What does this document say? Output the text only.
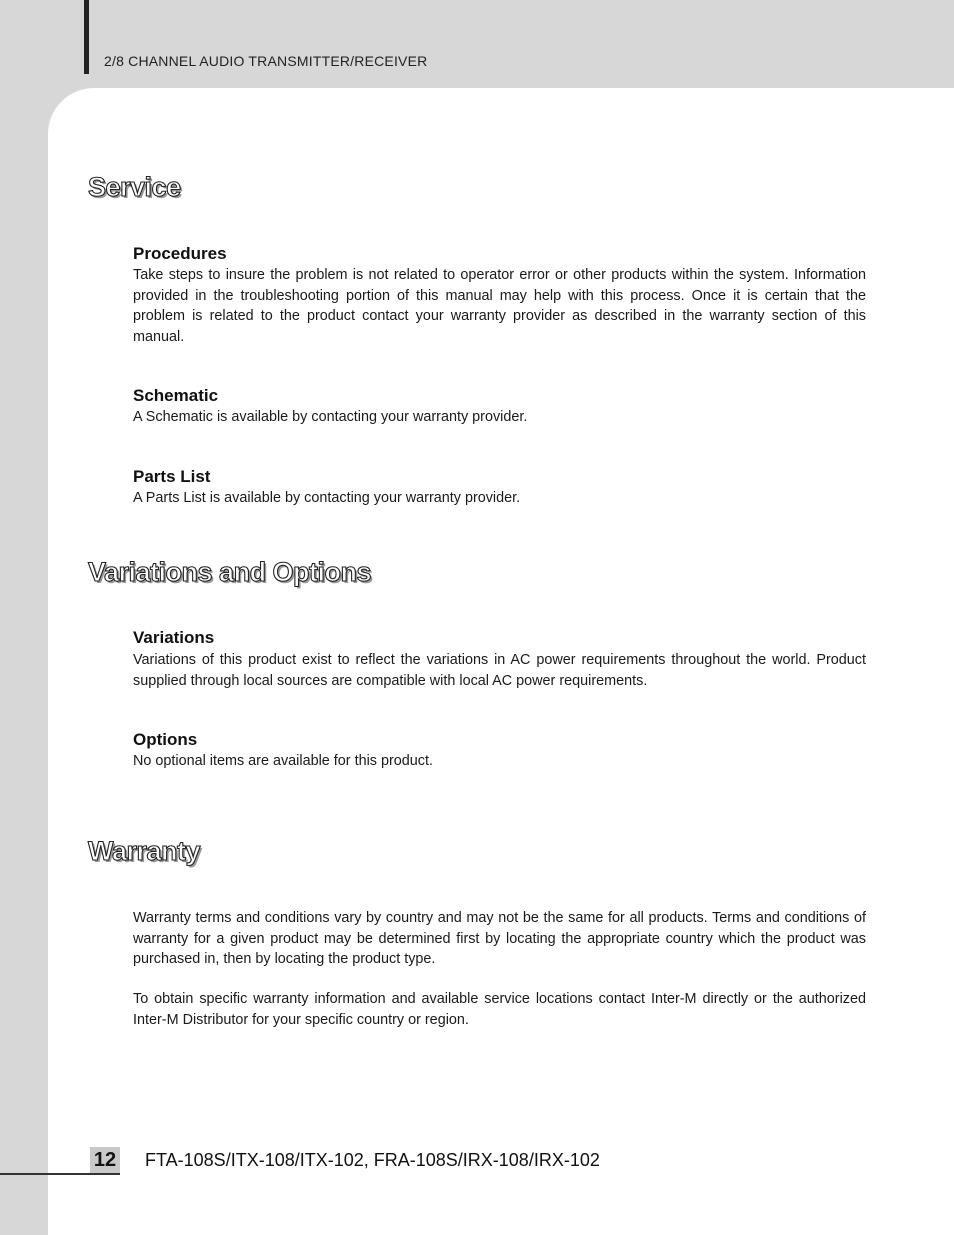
2/8 CHANNEL AUDIO TRANSMITTER/RECEIVER
Service
Procedures

Take steps to insure the problem is not related to operator error or other products within the system. Information provided in the troubleshooting portion of this manual may help with this process. Once it is certain that the problem is related to the product contact your warranty provider as described in the warranty section of this manual.

Schematic

A Schematic is available by contacting your warranty provider.

Parts List

A Parts List is available by contacting your warranty provider.

Variations and Options
Variations

Variations of this product exist to reflect the variations in AC power requirements throughout the world. Product supplied through local sources are compatible with local AC power requirements.

Options

No optional items are available for this product.

Warranty

Warranty terms and conditions vary by country and may not be the same for all products. Terms and conditions of warranty for a given product may be determined first by locating the appropriate country which the product was purchased in, then by locating the product type.

To obtain specific warranty information and available service locations contact Inter-M directly or the authorized Inter-M Distributor for your specific country or region.

12 FTA-108S/ITX-108/ITX-102, FRA-108S/IRX-108/IRX-102
